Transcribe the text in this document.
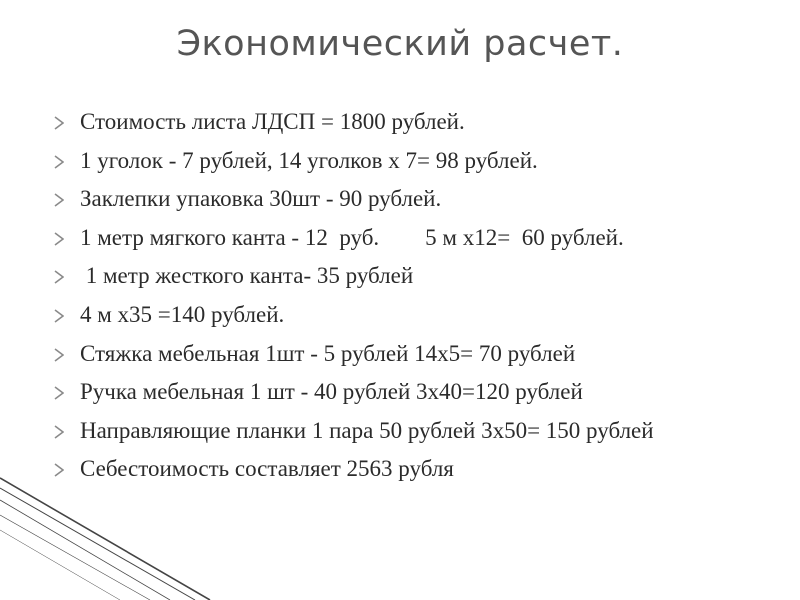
Экономический расчет.
Стоимость листа ЛДСП = 1800 рублей.
1 уголок - 7 рублей, 14 уголков х 7= 98 рублей.
Заклепки упаковка 30шт - 90 рублей.
1 метр мягкого канта - 12  руб.        5 м х12=  60 рублей.
1 метр жесткого канта- 35 рублей
4 м х35 =140 рублей.
Стяжка мебельная 1шт - 5 рублей 14х5= 70 рублей
Ручка мебельная 1 шт - 40 рублей 3х40=120 рублей
Направляющие планки 1 пара 50 рублей 3х50= 150 рублей
Себестоимость составляет 2563 рубля
